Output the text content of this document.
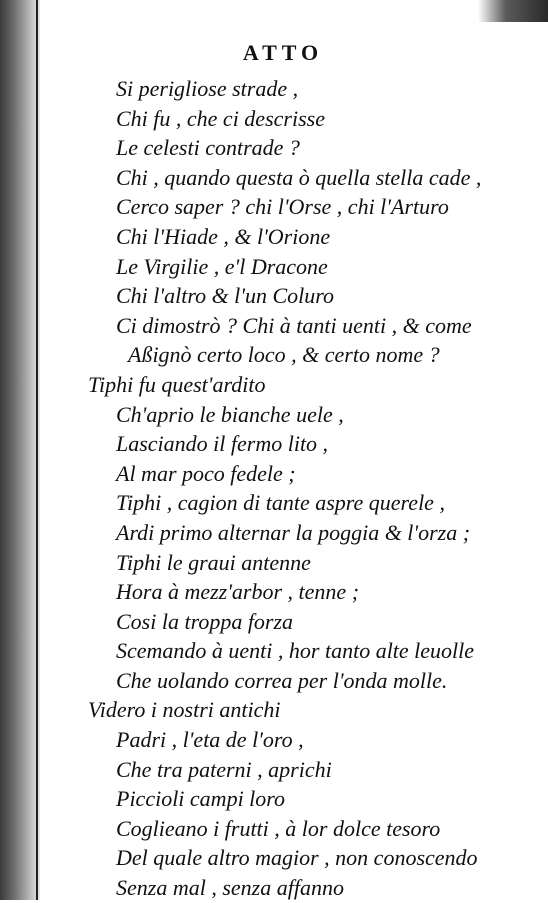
ATTO
Si perigliose strade ,
Chi fu , che ci descrisse
Le celesti contrade ?
Chi , quando questa ò quella stella cade ,
Cerco saper ? chi l'Orse , chi l'Arturo
Chi l'Hiade , & l'Orione
Le Virgilie , e'l Dracone
Chi l'altro & l'un Coluro
Ci dimostrò ? Chi à tanti uenti , & come
Aßignò certo loco , & certo nome ?
Tiphi fu quest'ardito
Ch'aprio le bianche uele ,
Lasciando il fermo lito ,
Al mar poco fedele ;
Tiphi , cagion di tante aspre querele ,
Ardi primo alternar la poggia & l'orza ;
Tiphi le graui antenne
Hora à mezz'arbor , tenne ;
Cosi la troppa forza
Scemando à uenti , hor tanto alte leuolle
Che uolando correa per l'onda molle.
Videro i nostri antichi
Padri , l'eta de l'oro ,
Che tra paterni , aprichi
Piccioli campi loro
Coglieano i frutti , à lor dolce tesoro
Del quale altro magior , non conoscendo
Senza mal , senza affanno
